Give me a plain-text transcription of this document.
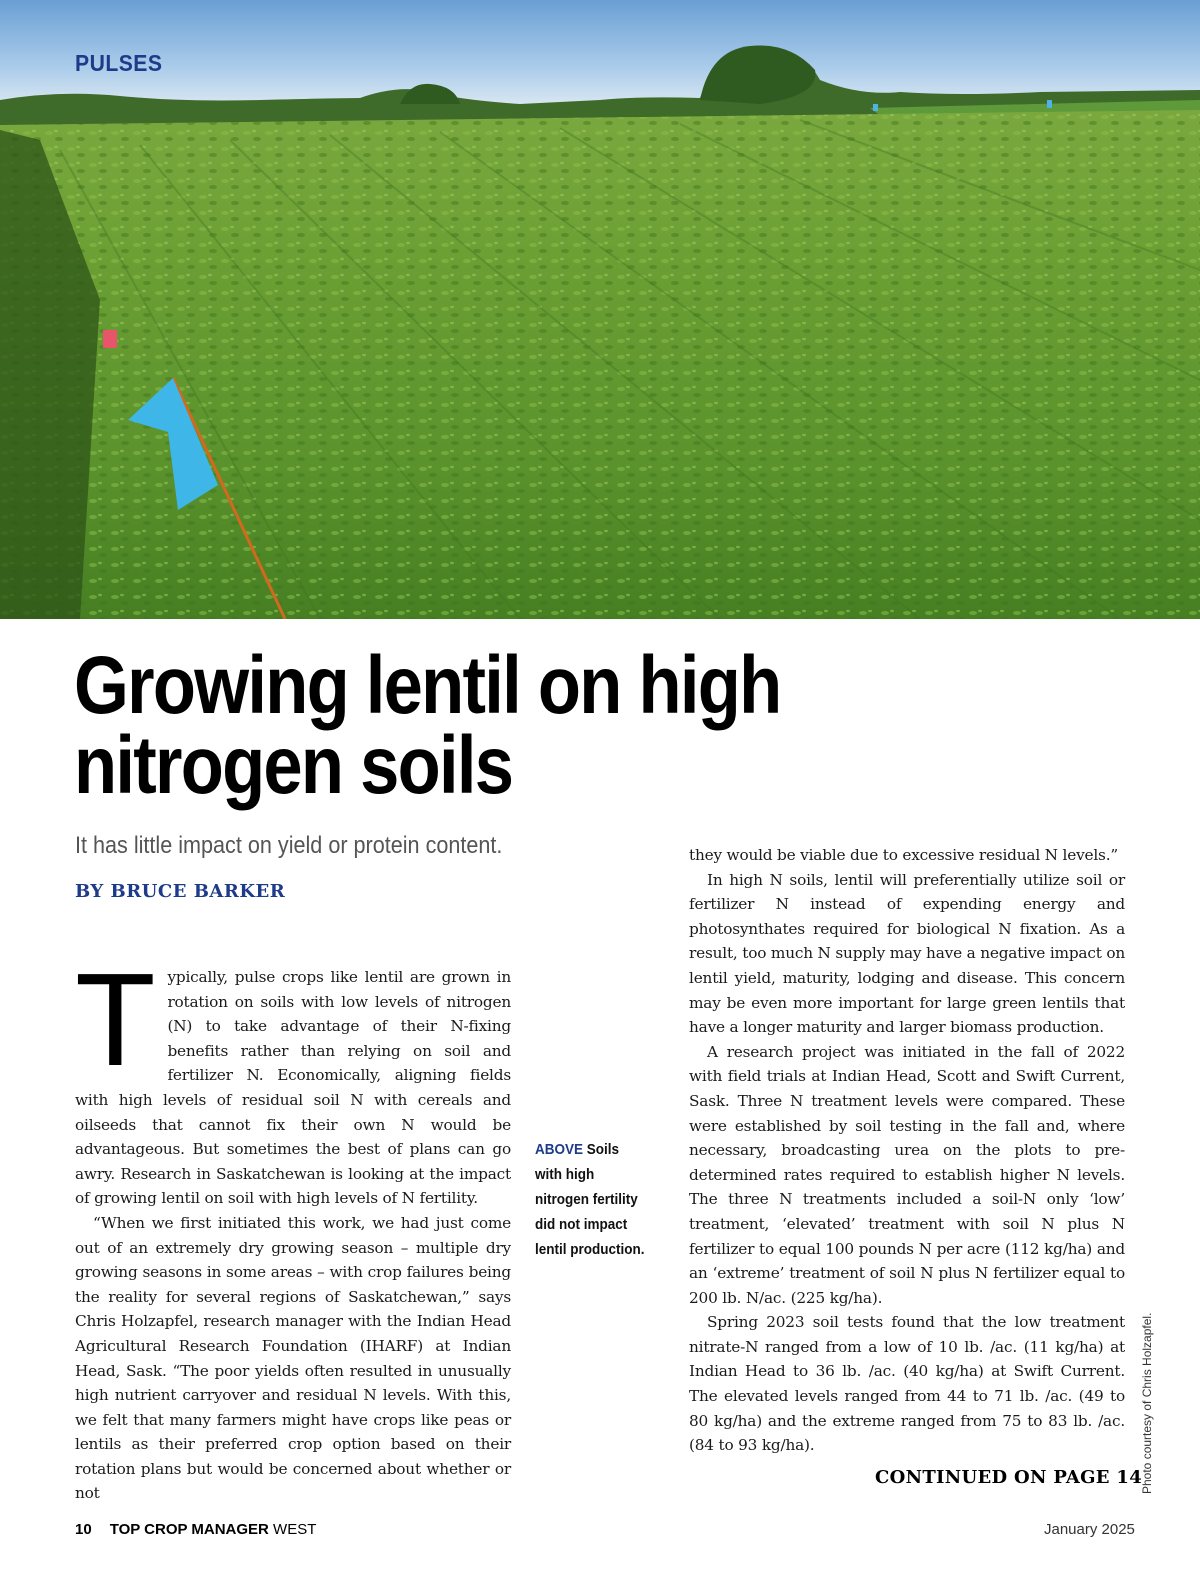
PULSES
Growing lentil on high nitrogen soils
It has little impact on yield or protein content.
BY BRUCE BARKER

Typically, pulse crops like lentil are grown in rotation on soils with low levels of nitrogen (N) to take advantage of their N-fixing benefits rather than relying on soil and fertilizer N. Economically, aligning fields with high levels of residual soil N with cereals and oilseeds that cannot fix their own N would be advantageous. But sometimes the best of plans can go awry. Research in Saskatchewan is looking at the impact of growing lentil on soil with high levels of N fertility.

“When we first initiated this work, we had just come out of an extremely dry growing season – multiple dry growing seasons in some areas – with crop failures being the reality for several regions of Saskatchewan,” says Chris Holzapfel, research manager with the Indian Head Agricultural Research Foundation (IHARF) at Indian Head, Sask. “The poor yields often resulted in unusually high nutrient carryover and residual N levels. With this, we felt that many farmers might have crops like peas or lentils as their preferred crop option based on their rotation plans but would be concerned about whether or not

ABOVE Soils with high nitrogen fertility did not impact lentil production.

they would be viable due to excessive residual N levels.”

In high N soils, lentil will preferentially utilize soil or fertilizer N instead of expending energy and photosynthates required for biological N fixation. As a result, too much N supply may have a negative impact on lentil yield, maturity, lodging and disease. This concern may be even more important for large green lentils that have a longer maturity and larger biomass production.

A research project was initiated in the fall of 2022 with field trials at Indian Head, Scott and Swift Current, Sask. Three N treatment levels were compared. These were established by soil testing in the fall and, where necessary, broadcasting urea on the plots to pre-determined rates required to establish higher N levels. The three N treatments included a soil-N only ‘low’ treatment, ‘elevated’ treatment with soil N plus N fertilizer to equal 100 pounds N per acre (112 kg/ha) and an ‘extreme’ treatment of soil N plus N fertilizer equal to 200 lb. N/ac. (225 kg/ha).

Spring 2023 soil tests found that the low treatment nitrate-N ranged from a low of 10 lb. /ac. (11 kg/ha) at Indian Head to 36 lb. /ac. (40 kg/ha) at Swift Current. The elevated levels ranged from 44 to 71 lb. /ac. (49 to 80 kg/ha) and the extreme ranged from 75 to 83 lb. /ac. (84 to 93 kg/ha).	Photo courtesy of Chris Holzapfel.
CONTINUED ON PAGE 14
10 TOP CROP MANAGER WEST	January 2025
